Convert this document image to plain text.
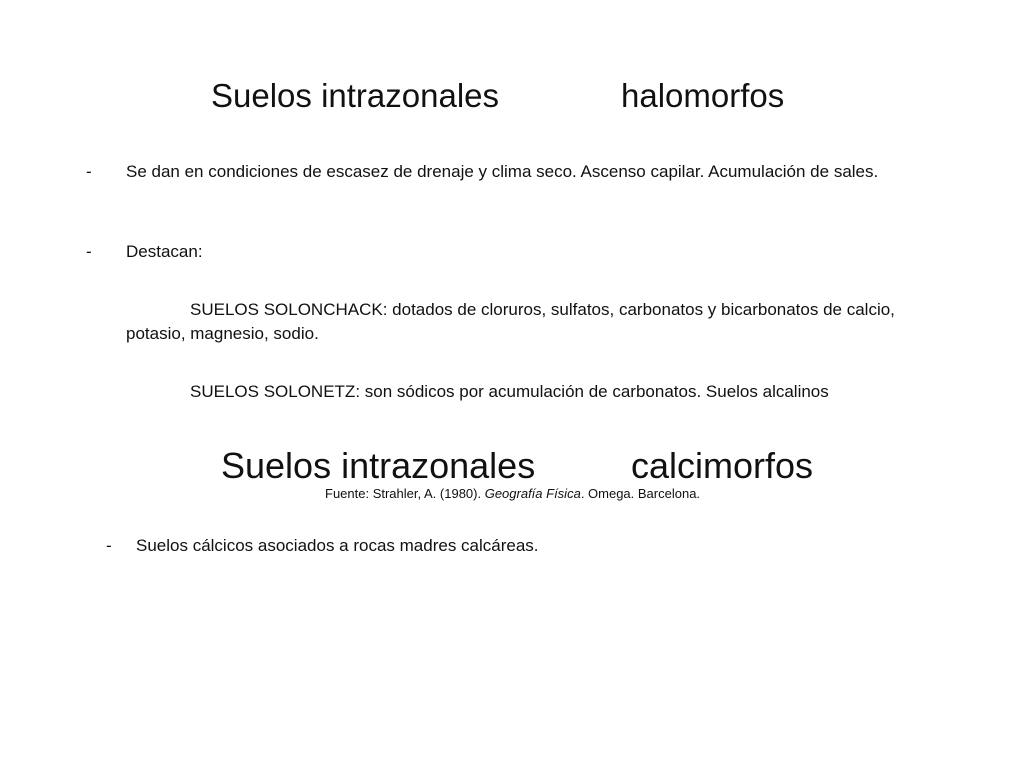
Suelos intrazonales	halomorfos
- Se dan en condiciones de escasez de drenaje y clima seco. Ascenso capilar. Acumulación de sales.
- Destacan:
SUELOS SOLONCHACK: dotados de cloruros, sulfatos, carbonatos y bicarbonatos de calcio, potasio, magnesio, sodio.
SUELOS SOLONETZ: son sódicos por acumulación de carbonatos. Suelos alcalinos
Suelos intrazonales	calcimorfos
Fuente: Strahler, A. (1980). Geografía Física. Omega. Barcelona.
- Suelos cálcicos asociados a rocas madres calcáreas.
